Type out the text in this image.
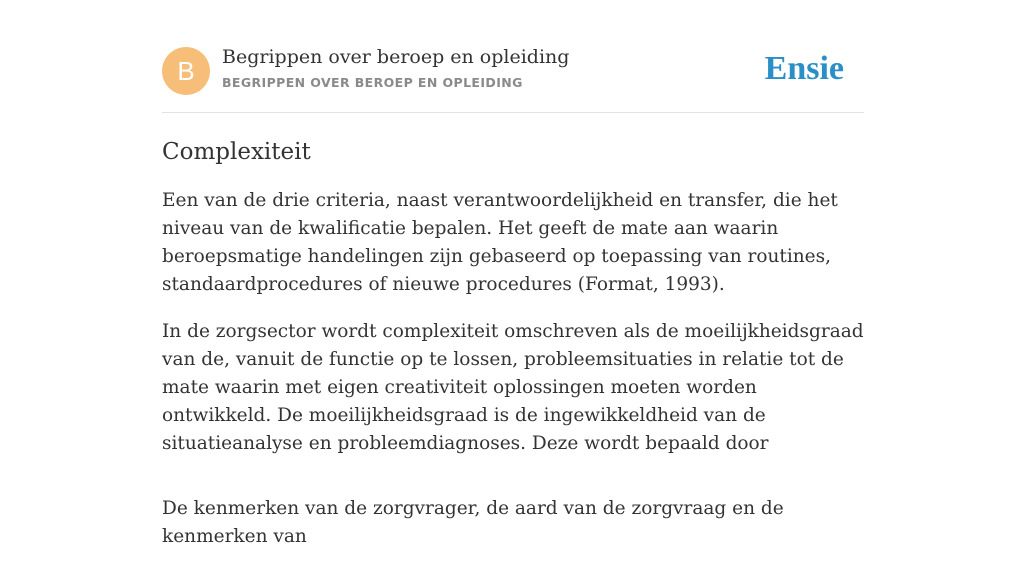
B	Begrippen over beroep en opleiding
BEGRIPPEN OVER BEROEP EN OPLEIDING	Ensie
Complexiteit

Een van de drie criteria, naast verantwoordelijkheid en transfer, die het niveau van de kwalificatie bepalen. Het geeft de mate aan waarin beroepsmatige handelingen zijn gebaseerd op toepassing van routines, standaardprocedures of nieuwe procedures (Format, 1993).

In de zorgsector wordt complexiteit omschreven als de moeilijkheidsgraad van de, vanuit de functie op te lossen, probleemsituaties in relatie tot de mate waarin met eigen creativiteit oplossingen moeten worden ontwikkeld. De moeilijkheidsgraad is de ingewikkeldheid van de situatieanalyse en probleemdiagnoses. Deze wordt bepaald door

De kenmerken van de zorgvrager, de aard van de zorgvraag en de kenmerken van
